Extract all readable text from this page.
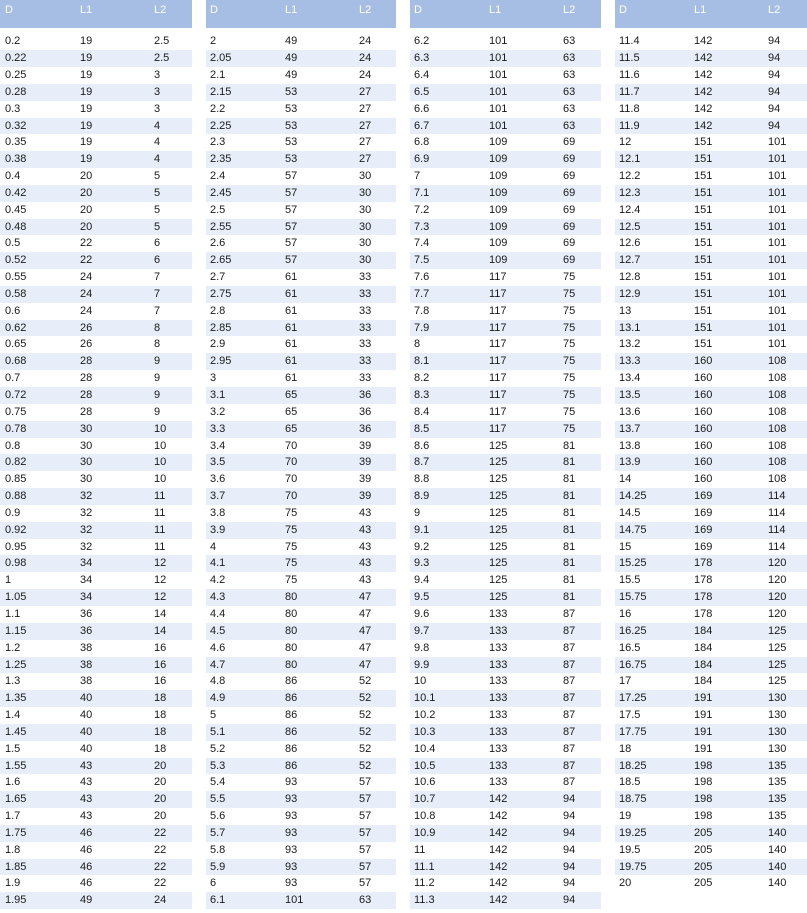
D	L1	L2
0.2	19	2.5
0.22	19	2.5
0.25	19	3
0.28	19	3
0.3	19	3
0.32	19	4
0.35	19	4
0.38	19	4
0.4	20	5
0.42	20	5
0.45	20	5
0.48	20	5
0.5	22	6
0.52	22	6
0.55	24	7
0.58	24	7
0.6	24	7
0.62	26	8
0.65	26	8
0.68	28	9
0.7	28	9
0.72	28	9
0.75	28	9
0.78	30	10
0.8	30	10
0.82	30	10
0.85	30	10
0.88	32	11
0.9	32	11
0.92	32	11
0.95	32	11
0.98	34	12
1	34	12
1.05	34	12
1.1	36	14
1.15	36	14
1.2	38	16
1.25	38	16
1.3	38	16
1.35	40	18
1.4	40	18
1.45	40	18
1.5	40	18
1.55	43	20
1.6	43	20
1.65	43	20
1.7	43	20
1.75	46	22
1.8	46	22
1.85	46	22
1.9	46	22
1.95	49	24
D	L1	L2
2	49	24
2.05	49	24
2.1	49	24
2.15	53	27
2.2	53	27
2.25	53	27
2.3	53	27
2.35	53	27
2.4	57	30
2.45	57	30
2.5	57	30
2.55	57	30
2.6	57	30
2.65	57	30
2.7	61	33
2.75	61	33
2.8	61	33
2.85	61	33
2.9	61	33
2.95	61	33
3	61	33
3.1	65	36
3.2	65	36
3.3	65	36
3.4	70	39
3.5	70	39
3.6	70	39
3.7	70	39
3.8	75	43
3.9	75	43
4	75	43
4.1	75	43
4.2	75	43
4.3	80	47
4.4	80	47
4.5	80	47
4.6	80	47
4.7	80	47
4.8	86	52
4.9	86	52
5	86	52
5.1	86	52
5.2	86	52
5.3	86	52
5.4	93	57
5.5	93	57
5.6	93	57
5.7	93	57
5.8	93	57
5.9	93	57
6	93	57
6.1	101	63
D	L1	L2
6.2	101	63
6.3	101	63
6.4	101	63
6.5	101	63
6.6	101	63
6.7	101	63
6.8	109	69
6.9	109	69
7	109	69
7.1	109	69
7.2	109	69
7.3	109	69
7.4	109	69
7.5	109	69
7.6	117	75
7.7	117	75
7.8	117	75
7.9	117	75
8	117	75
8.1	117	75
8.2	117	75
8.3	117	75
8.4	117	75
8.5	117	75
8.6	125	81
8.7	125	81
8.8	125	81
8.9	125	81
9	125	81
9.1	125	81
9.2	125	81
9.3	125	81
9.4	125	81
9.5	125	81
9.6	133	87
9.7	133	87
9.8	133	87
9.9	133	87
10	133	87
10.1	133	87
10.2	133	87
10.3	133	87
10.4	133	87
10.5	133	87
10.6	133	87
10.7	142	94
10.8	142	94
10.9	142	94
11	142	94
11.1	142	94
11.2	142	94
11.3	142	94
D	L1	L2
11.4	142	94
11.5	142	94
11.6	142	94
11.7	142	94
11.8	142	94
11.9	142	94
12	151	101
12.1	151	101
12.2	151	101
12.3	151	101
12.4	151	101
12.5	151	101
12.6	151	101
12.7	151	101
12.8	151	101
12.9	151	101
13	151	101
13.1	151	101
13.2	151	101
13.3	160	108
13.4	160	108
13.5	160	108
13.6	160	108
13.7	160	108
13.8	160	108
13.9	160	108
14	160	108
14.25	169	114
14.5	169	114
14.75	169	114
15	169	114
15.25	178	120
15.5	178	120
15.75	178	120
16	178	120
16.25	184	125
16.5	184	125
16.75	184	125
17	184	125
17.25	191	130
17.5	191	130
17.75	191	130
18	191	130
18.25	198	135
18.5	198	135
18.75	198	135
19	198	135
19.25	205	140
19.5	205	140
19.75	205	140
20	205	140
